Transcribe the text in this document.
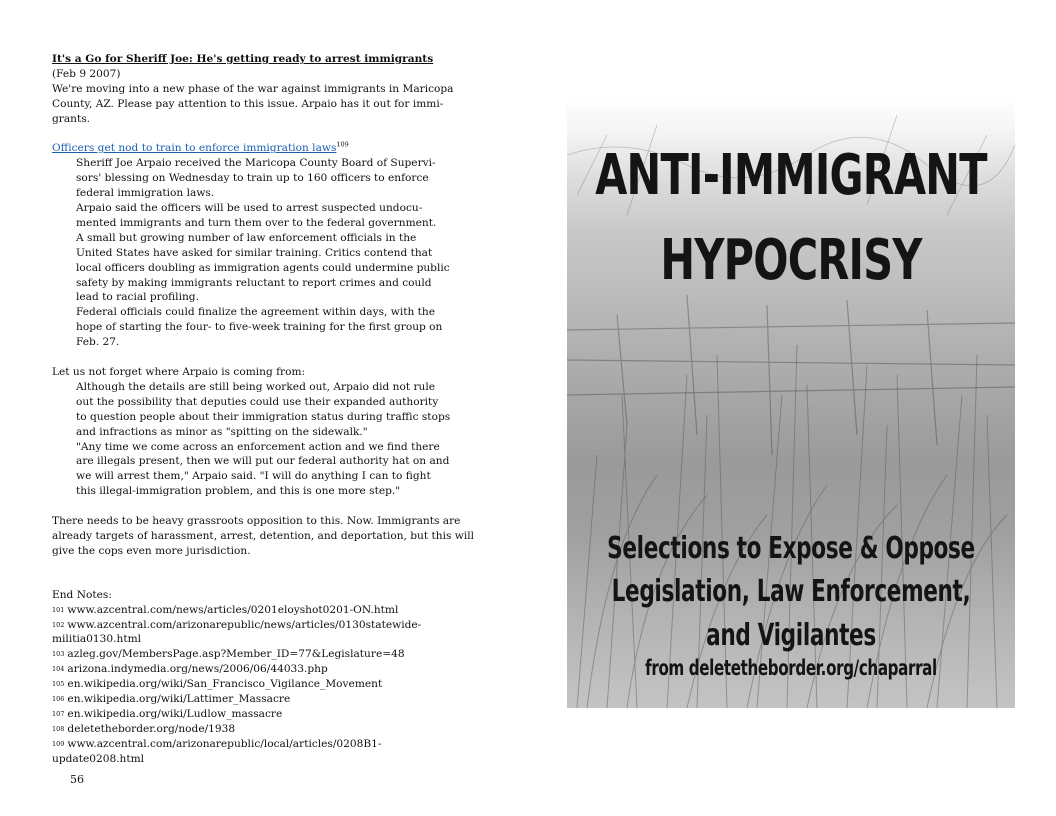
It's a Go for Sheriff Joe: He's getting ready to arrest immigrants

(Feb 9 2007)

We're moving into a new phase of the war against immigrants in Maricopa
County, AZ. Please pay attention to this issue. Arpaio has it out for immi-
grants.

Officers get nod to train to enforce immigration laws$^{109}$

Sheriff Joe Arpaio received the Maricopa County Board of Supervi-
sors' blessing on Wednesday to train up to 160 officers to enforce
federal immigration laws.
Arpaio said the officers will be used to arrest suspected undocu-
mented immigrants and turn them over to the federal government.
A small but growing number of law enforcement officials in the
United States have asked for similar training. Critics contend that
local officers doubling as immigration agents could undermine public
safety by making immigrants reluctant to report crimes and could
lead to racial profiling.
Federal officials could finalize the agreement within days, with the
hope of starting the four- to five-week training for the first group on
Feb. 27.

Let us not forget where Arpaio is coming from:

Although the details are still being worked out, Arpaio did not rule
out the possibility that deputies could use their expanded authority
to question people about their immigration status during traffic stops
and infractions as minor as "spitting on the sidewalk."
"Any time we come across an enforcement action and we find there
are illegals present, then we will put our federal authority hat on and
we will arrest them," Arpaio said. "I will do anything I can to fight
this illegal-immigration problem, and this is one more step."
There needs to be heavy grassroots opposition to this. Now. Immigrants are
already targets of harassment, arrest, detention, and deportation, but this will
give the cops even more jurisdiction.
End Notes:
101 www.azcentral.com/news/articles/0201eloyshot0201-ON.html
102 www.azcentral.com/arizonarepublic/news/articles/0130statewide-
militia0130.html
103 azleg.gov/MembersPage.asp?Member_ID=77&Legislature=48
104 arizona.indymedia.org/news/2006/06/44033.php
105 en.wikipedia.org/wiki/San_Francisco_Vigilance_Movement
106 en.wikipedia.org/wiki/Lattimer_Massacre
107 en.wikipedia.org/wiki/Ludlow_massacre
108 deletetheborder.org/node/1938
109 www.azcentral.com/arizonarepublic/local/articles/0208B1-
update0208.html
56
ANTI-IMMIGRANT
HYPOCRISY
Selections to Expose & Oppose
Legislation, Law Enforcement,
and Vigilantes
from deletetheborder.org/chaparral
